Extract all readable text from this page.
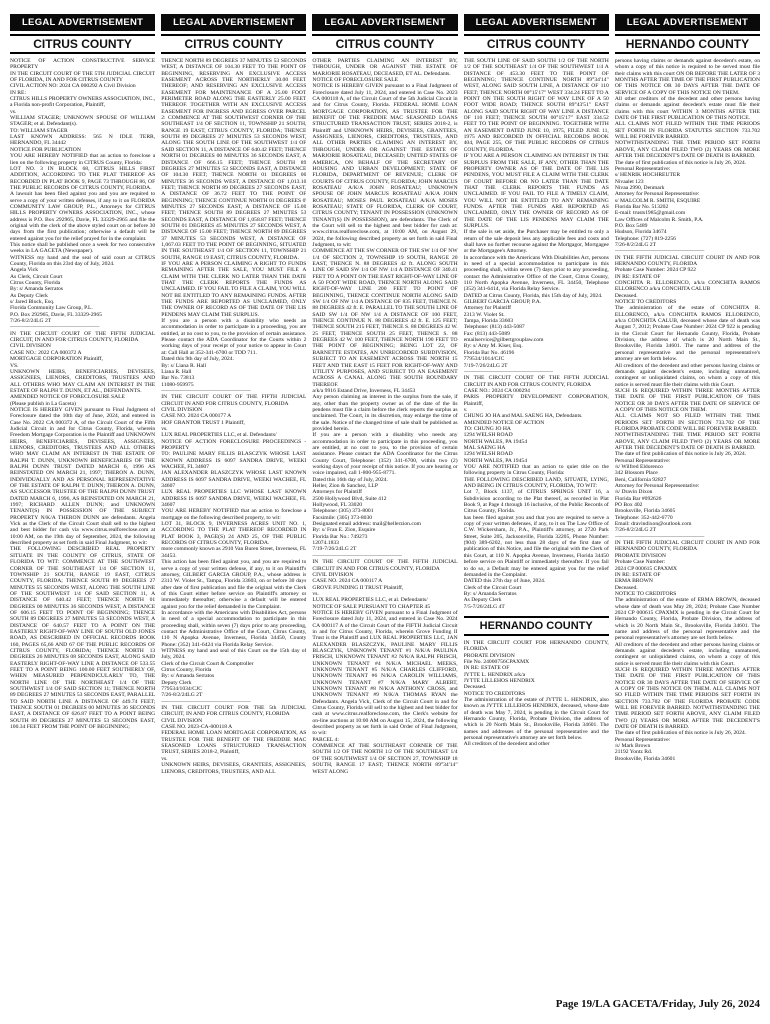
LEGAL ADVERTISEMENT
CITRUS COUNTY
NOTICE OF ACTION CONSTRUCTIVE SERVICE PROPERTY
IN THE CIRCUIT COURT OF THE 5TH JUDICIAL CIRCUIT OF FLORIDA, IN AND FOR CITRUS COUNTY
CIVIL ACTION NO: 2024 CA 000292 A Civil Division
IN RE:
CITRUS HILLS PROPERTY OWNERS ASSOCIATION, INC., a Florida non-profit Corporation, Plaintiff,
vs.
WILLIAM STAGER; UNKNOWN SPOUSE OF WILLIAM STAGER; et al. Defendant(s).
TO: WILLIAM STAGER
LAST KNOWN ADDRESS: 565 N IDLE TERR, HERNANDO, FL 34442
NOTICE FOR PUBLICATION
YOU ARE HEREBY NOTIFIED that an action to foreclose a lien on the following property in CITRUS County, Florida:
LOT NO. 3 IN BLOCK 68, CITRUS HILLS FIRST ADDITION, ACCORDING TO THE PLAT THEREOF AS RECORDED IN PLAT BOOK 9, PAGE 73 THROUGH 86, OF THE PUBLIC RECORDS OF CITRUS COUNTY, FLORIDA.
A lawsuit has been filed against you and you are required to serve a copy of your written defenses, if any to it on FLORIDA COMMUNITY LAW GROUP, P.L., Attorneys for CITRUS HILLS PROPERTY OWNERS ASSOCIATION, INC., whose address is P.O. Box 292965, Davie, FL 33329-2965 and file the original with the clerk of the above styled court on or before 30 days from the first publication; otherwise a default will be entered against you for the relief prayed for in the complaint.
This notice shall be published once a week for two consecutive weeks in LA GACETA (Newspaper).
WITNESS my hand and the seal of said court at CITRUS County, Florida on this 23rd day of July, 2024.
Angela Vick
As Clerk, Circuit Court
Citrus County, Florida
By: s/ Amanda Serratos
As Deputy Clerk
s/ Jared Block, Esq.
Florida Community Law Group, P.L.
P.O. Box 292965, Davie, FL 33329-2965
7/26-8/2/24LG 2T
————————————————
IN THE CIRCUIT COURT OF THE FIFTH JUDICIAL CIRCUIT, IN AND FOR CITRUS COUNTY, FLORIDA
CIVIL DIVISION
CASE NO.: 2022 CA 000372 A
MORTGAGE CORPORATION Plaintiff,
VS.
UNKNOWN HEIRS, BENEFICIARIES, DEVISEES, ASSIGNEES, LIENORS, CREDITORS, TRUSTEES AND ALL OTHERS WHO MAY CLAIM AN INTEREST IN THE ESTATE OF RALPH T. DUNN, ET AL., DEFENDANTS.
AMENDED NOTICE OF FORECLOSURE SALE
(Please publish in La Gaceta)
NOTICE IS HEREBY GIVEN pursuant to Final Judgment of Foreclosure dated the 10th day of June, 2024, and entered in Case No. 2022 CA 000372 A, of the Circuit Court of the Fifth Judicial Circuit in and for Citrus County, Florida, wherein Freedom Mortgage Corporation is the Plaintiff and UNKNOWN HEIRS, BENEFICIARIES, DEVISEES, ASSIGNEES, LIENORS, CREDITORS, TRUSTEES AND ALL OTHERS WHO MAY CLAIM AN INTEREST IN THE ESTATE OF RALPH T. DUNN, UNKNOWN BENEFICIARIES OF THE RALPH DUNN TRUST DATED MARCH 6, 1996 AS REINSTATED ON MARCH 21, 1997; THERON A. DUNN, INDIVIDUALLY AND AS PERSONAL REPRESENTATIVE OF THE ESTATE OF RALPH T. DUNN; THERON A. DUNN, AS SUCCESSOR TRUSTEE OF THE RALPH DUNN TRUST DATED MARCH 6, 1996, AS REINSTATED ON MARCH 21, 1997; RICHARD ALLEN DUNN; and UNKNOWN TENANT(S) IN POSSESSION OF THE SUBJECT PROPERTY N/K/A THERON DUNN are defendants. Angela Vick as the Clerk of the Circuit Court shall sell to the highest and best bidder for cash via www.citrus.realforeclose.com at 10:00 AM, on the 19th day of September, 2024, the following described property as set forth in said Final Judgment, to wit:
THE FOLLOWING DESCRIBED REAL PROPERTY SITUATE IN THE COUNTY OF CITRUS, STATE OF FLORIDA TO WIT: COMMENCE AT THE SOUTHWEST CORNER OF THE SOUTHEAST 1/4 OF SECTION 11, TOWNSHIP 21 SOUTH, RANGE 19 EAST, CITRUS COUNTY, FLORIDA; THENCE SOUTH 89 DEGREES 27 MINUTES 55 SECONDS WEST, ALONG THE SOUTH LINE OF THE SOUTHWEST 1/4 OF SAID SECTION 11, A DISTANCE OF 640.42 FEET; THENCE NORTH 01 DEGREES 00 MINUTES 36 SECONDS WEST, A DISTANCE OF 606.15 FEET TO POINT OF BEGINNING; THENCE SOUTH 89 DEGREES 27 MINUTES 53 SECONDS WEST, A DISTANCE OF 640.57 FEET TO A POINT ON THE EASTERLY RIGHT-OF-WAY LINE OF SOUTH OLD JONES ROAD, AS DESCRIBED IN OFFICIAL RECORDS BOOK 160, PAGES 65,66 AND 67 OF THE PUBLIC RECORDS OF CITRUS COUNTY, FLORIDA; THENCE NORTH 13 DEGREES 26 MINUTES 08 SECONDS EAST, ALONG SAID EASTERLY RIGHT-OF-WAY LINE A DISTANCE OF 533.55 FEET TO A POINT BEING 100.00 FEET SOUTHERLY OF, WHEN MEASURED PERPENDICULARLY TO, THE NORTH LINE OF THE NORTHEAST 1/4 OF THE SOUTHWEST 1/4 OF SAID SECTION 11; THENCE NORTH 89 DEGREES 27 MINUTES 53 SECONDS EAST, PARALLEL TO SAID NORTH LINE A DISTANCE OF 449.74 FEET; THENCE SOUTH 01 DEGREES 00 MINUTES 36 SECONDS EAST, A DISTANCE OF 626.87 FEET TO A POINT BEING SOUTH 89 DEGREES 27 MINUTES 53 SECONDS EAST, 100.34 FEET FROM THE POINT OF BEGINNING;
LEGAL ADVERTISEMENT
CITRUS COUNTY
THENCE NORTH 89 DEGREES 37 MINUTES 53 SECONDS WEST, A DISTANCE OF 104.30 FEET TO THE POINT OF BEGINNING, RESERVING AN EXCLUSIVE ACCESS EASEMENT ACROSS THE NORTHERLY 30.00 FEET THEREOF; AND RESERVING AN EXCLUSIVE ACCESS EASEMENT FOR MAINTENANCE OF A 25.00 FOOT PERIMETER ROAD ALONG THE EASTERLY 25.00 FEET THEREOF. TOGETHER WITH AN EXCLUSIVE ACCESS EASEMENT FOR INGRESS AND EGRESS OVER PARCEL 2: COMMENCE AT THE SOUTHWEST CORNER OF THE SOUTHEAST 1/4 OF SECTION 11, TOWNSHIP 21 SOUTH, RANGE 19 EAST, CITRUS COUNTY, FLORIDA; THENCE SOUTH 89 DEGREES 27 MINUTES 53 SECONDS WEST, ALONG THE SOUTH LINE OF THE SOUTHWEST 1/4 OF SAID SECTION 11, A DISTANCE OF 640.42 FEET; THENCE NORTH 01 DEGREES 00 MINUTES 36 SECONDS EAST, A DISTANCE OF 666.15 FEET; THENCE SOUTH 89 DEGREES 27 MINUTES 53 SECONDS EAST, A DISTANCE OF 104.30 FEET; THENCE NORTH 01 DEGREES 00 MINUTES 36 SECONDS WEST, A DISTANCE OF 1,013.10 FEET; THENCE NORTH 89 DEGREES 27 SECONDS EAST, A DISTANCE OF 36.72 FEET TO THE POINT OF BEGINNING; THENCE CONTINUE NORTH 01 DEGREES 0' MINUTES 27 SECONDS EAST, A DISTANCE OF 15.00 FEET; THENCE SOUTH 89 DEGREES 27 MINUTES 53 SECONDS EAST, A DISTANCE OF 1,058.87 FEET; THENCE SOUTH 01 DEGREES 45 MINUTES 27 SECONDS WEST, A DISTANCE OF 15.00 FEET; THENCE NORTH 89 DEGREES 37 MINUTES 53 SECONDS WEST, A DISTANCE OF 1,067.03 FEET TO THE POINT OF BEGINNING, SITUATED IN THE SOUTHEAST 1/4 OF SECTION 11, TOWNSHIP 21 SOUTH, RANGE 19 EAST, CITRUS COUNTY, FLORIDA.
IF YOU ARE A PERSON CLAIMING A RIGHT TO FUNDS REMAINING AFTER THE SALE, YOU MUST FILE A CLAIM WITH THE CLERK NO LATER THAN THE DATE THAT THE CLERK REPORTS THE FUNDS AS UNCLAIMED. IF YOU FAIL TO FILE A CLAIM, YOU WILL NOT BE ENTITLED TO ANY REMAINING FUNDS. AFTER THE FUNDS ARE REPORTED AS UNCLAIMED, ONLY THE OWNER OF RECORD AS OF THE DATE OF THE LIS PENDENS MAY CLAIM THE SURPLUS.
If you are a person with a disability who needs an accommodation in order to participate in a proceeding, you are entitled, at no cost to you, to the provision of certain assistance. Please contact the ADA Coordinator for the Courts within 2 working days of your receipt of your notice to appear in Court at: Call Hall at 352-341-6700 or TDD 711.
Dated this 9th day of July, 2024.
By: s/ Liana R. Hall
Liana R. Hall
Bar No. 73813
11080-959975
————————————————
IN THE CIRCUIT COURT OF THE FIFTH JUDICIAL CIRCUIT IN AND FOR CITRUS COUNTY, FLORIDA
CIVIL DIVISION
CASE NO. 2024 CA 000177 A
HOF GRANTOR TRUST 1 Plaintiff,
vs.
LUX REAL PROPERTIES LLC, et al. Defendants/
NOTICE OF ACTION FORECLOSURE PROCEEDINGS - PROPERTY
TO: PAULINE MARY FILLIS BLASCZYK WHOSE LAST KNOWN ADDRESS IS 6097 SANDRA DRIVE, WEEKI WACHEE, FL 34607
JAN ALEXANDER BLASZCZYK WHOSE LAST KNOWN ADDRESS IS 6097 SANDRA DRIVE, WEEKI WACHEE, FL 34607
LUX REAL PROPERTIES LLC WHOSE LAST KNOWN ADDRESS IS 6097 SANDRA DRIVE, WEEKI WACHEE, FL 34607
YOU ARE HEREBY NOTIFIED that an action to foreclose a mortgage on the following described property, to wit:
LOT 31, BLOCK 9, INVERNESS ACRES UNIT NO. 1, ACCORDING TO THE PLAT THEREOF RECORDED IN PLAT BOOK 3, PAGE(S) 24 AND 25, OF THE PUBLIC RECORDS OF CITRUS COUNTY, FLORIDA.
more commonly known as 2910 Van Buren Street, Inverness, FL 34453.
This action has been filed against you, and you are required to serve a copy of your written defense, if any, to it on Plaintiff's attorney, GILBERT GARCIA GROUP, P.A., whose address is 2313 W. Violet St., Tampa, Florida 33603, on or before 30 days after date of first publication and file the original with the Clerk of this Court either before service on Plaintiff's attorney or immediately thereafter; otherwise a default will be entered against you for the relief demanded in the Complaint.
In accordance with the Americans with Disabilities Act, persons in need of a special accommodation to participate in this proceeding shall, within seven (7) days prior to any proceeding, contact the Administrative Office of the Court, Citrus County, 110 N Apopka Avenue, Inverness, Florida 34450, County Phone: (352) 341-6424 via Florida Relay Service.
WITNESS my hand and seal of this Court on the 15th day of July, 2024.
Clerk of the Circuit Court & Comptroller
Citrus County, Florida
By: s/ Amanda Serratos
Deputy Clerk
779534/1034/CJC
7/26-8/2/24LG 2T
————————————————
IN THE CIRCUIT COURT FOR THE 5th JUDICIAL CIRCUIT, IN AND FOR CITRUS COUNTY, FLORIDA
CIVIL DIVISION
CASE NO. 2023-CA-000118 A
FEDERAL HOME LOAN MORTGAGE CORPORATION, AS TRUSTEE FOR THE BENEFIT OF THE FREDDIE MAC SEASONED LOANS STRUCTURED TRANSACTION TRUST, SERIES 2018-2, Plaintiff,
vs.
UNKNOWN HEIRS, DEVISEES, GRANTEES, ASSIGNEES, LIENORS, CREDITORS, TRUSTEES, AND ALL
LEGAL ADVERTISEMENT
CITRUS COUNTY
OTHER PARTIES CLAIMING AN INTEREST BY, THROUGH, UNDER OR AGAINST THE ESTATE OF MARJORIE ROSATEAU, DECEASED, ET AL. Defendants.
NOTICE OF FORECLOSURE SALE
NOTICE IS HEREBY GIVEN pursuant to a Final Judgment of Foreclosure dated July 11, 2024, and entered in Case No. 2023 CA 000118 A, of the Circuit Court of the 5th Judicial Circuit in and for Citrus County, Florida. FEDERAL HOME LOAN MORTGAGE CORPORATION, AS TRUSTEE FOR THE BENEFIT OF THE FREDDIE MAC SEASONED LOANS STRUCTURED TRANSACTION TRUST, SERIES 2018-2, is Plaintiff and UNKNOWN HEIRS, DEVISEES, GRANTEES, ASSIGNEES, LIENORS, CREDITORS, TRUSTEES, AND ALL OTHER PARTIES CLAIMING AN INTEREST BY, THROUGH, UNDER OR AGAINST THE ESTATE OF MARJORIE ROSATEAU, DECEASED; UNITED STATES OF AMERICA, ON BEHALF OF THE SECRETARY OF HOUSING AND URBAN DEVELOPMENT; STATE OF FLORIDA, DEPARTMENT OF REVENUE; CLERK OF COURTS OF CITRUS COUNTY, FLORIDA; JOHN MARCUS ROSATEAU A/K/A JOHN ROSATEAU; UNKNOWN SPOUSE OF JOHN MARCUS ROSATEAU A/K/A JOHN ROSATEAU; MOSES PAUL ROSATEAU A/K/A MOSES ROSATEAU; STATE OF FLORIDA, CLERK OF COURT, CITRUS COUNTY; TENANT IN POSSESSION (UNKNOWN TENANT(S) IN POSSESSION), are defendants. The Clerk of the Court will sell to the highest and best bidder for cash at: www.citrus.realforeclose.com, at 10:00 AM, on August 29, 2024, the following described property as set forth in said Final Judgment, to wit:
COMMENCE AT THE SW CORNER OF THE SW 1/4 OF NW 1/4 OF SECTION 2, TOWNSHIP 19 SOUTH, RANGE 20 EAST, THENCE N. 88 DEGREES 42 ft. ALONG SOUTH LINE OF SAID SW 1/4 OF NW 1/4 A DISTANCE OF 340.41 FEET TO A POINT ON THE EAST RIGHT-OF-WAY LINE OF A 50 FOOT WIDE ROAD, THENCE NORTH ALONG SAID RIGHT-OF-WAY LINE 200 FEET TO POINT OF BEGINNING, THENCE CONTINUE NORTH ALONG SAID SW 1/4 OF NW 1/4 A DISTANCE OF 835 FEET, THENCE N. 88 DEGREES 42 ft. E. PARALLEL TO THE SOUTH LINE OF SAID SW 1/4 OF NW 1/4 A DISTANCE OF 100 FEET, THENCE CONTINUE N. 88 DEGREES 42 ft. E. 125 FEET; THENCE SOUTH 215 FEET, THENCE S. 88 DEGREES 42 W. 25 FEET, THENCE SOUTH 25 FEET, THENCE S. 88 DEGREES 42 W. 100 FEET, THENCE NORTH 190 FEET TO THE POINT OF BEGINNING; BEING LOT 22, OF BARNETTE ESTATES, AN UNRECORDED SUBDIVISION, SUBJECT TO AN EASEMENT ACROSS THE NORTH 15 FEET AND THE EAST 15 FEET FOR RIGHT-OF-WAY AND UTILITY PURPOSES, AND SUBJECT TO AN EASEMENT ACROSS A CANAL ALONG THE SOUTH BOUNDARY THEREOF.
a/k/a 9916 Estand Drive, Inverness, FL 34453
Any person claiming an interest in the surplus from the sale, if any, other than the property owner as of the date of the lis pendens must file a claim before the clerk reports the surplus as unclaimed. The Court, in its discretion, may enlarge the time of the sale. Notice of the changed time of sale shall be published as provided herein.
If you are a person with a disability who needs any accommodation in order to participate in this proceeding, you are entitled, at no cost to you, to the provision of certain assistance. Please contact the ADA Coordinator for the Citrus County Court, Telephone: (352) 341-6700, within two (2) working days of your receipt of this notice. If you are hearing or voice impaired, call 1-800-955-8771.
Dated this 16th day of July, 2024.
Heller, Zion & Sanchez, LLP
Attorneys for Plaintiff
2500 Hollywood Blvd, Suite 412
Hollywood, FL 33020
Telephone: (305) 373-8001
Facsimile: (305) 373-8030
Designated email address: mail@hellerzion.com
By: s/ Fran E. Zion, Esquire
Florida Bar No.: 749273
12074.1833
7/19-7/26/24LG 2T
————————————————
IN THE CIRCUIT COURT OF THE FIFTH JUDICIAL CIRCUIT IN AND FOR CITRUS COUNTY, FLORIDA
CIVIL DIVISION
CASE NO. 2024 CA 000117 A
GROVE FUNDING II TRUST Plaintiff,
vs.
LUX REAL PROPERTIES LLC, et al. Defendants/
NOTICE OF SALE PURSUANT TO CHAPTER 45
NOTICE IS HEREBY GIVEN pursuant to a Final Judgment of Foreclosure dated July 11, 2024, and entered in Case No. 2024 CA 000117 A of the Circuit Court of the FIFTH Judicial Circuit in and for Citrus County, Florida, wherein Grove Funding II Trust is the Plaintiff and LUX REAL PROPERTIES LLC, JAN ALEXANDER BLASZCZYK, PAULINE MARY FILLIS BLASCZYK, UNKNOWN TENANT #1 N/K/A PAULINA FRISCH, UNKNOWN TENANT #2 N/K/A RALPH FRISCH, UNKNOWN TENANT #4 N/K/A MICHAEL MEEKS, UNKNOWN TENANT #5 N/K/A CHARLES CLIFFORD, UNKNOWN TENANT #6 N/K/A CAROLIN WILLIAMS, UNKNOWN TENANT #7 N/K/A MARY ALBERT, UNKNOWN TENANT #8 N/K/A ANTHONY CROSS, and UNKNOWN TENANT #9 N/K/A THOMAS RYAN the Defendants. Angela Vick, Clerk of the Circuit Court in and for Citrus County, Florida will sell to the highest and best bidder for cash at www.citrus.realforeclose.com, the Clerk's website for on-line auctions at 10:00 AM on August 15, 2024, the following described property as set forth in said Order of Final Judgment, to wit:
PARCEL 4:
COMMENCE AT THE SOUTHEAST CORNER OF THE SOUTH 1/2 OF THE NORTH 1/2 OF THE SOUTHEAST 1/4 OF THE SOUTHWEST 1/4 OF SECTION 27, TOWNSHIP 18 SOUTH, RANGE 17 EAST; THENCE NORTH 89°34'14" WEST ALONG
LEGAL ADVERTISEMENT
CITRUS COUNTY
THE SOUTH LINE OF SAID SOUTH 1/2 OF THE NORTH 1/2 OF THE SOUTHEAST 1/4 OF THE SOUTHWEST 1/4 A DISTANCE OF 453.30 FEET TO THE POINT OF BEGINNING; THENCE CONTINUE NORTH 89°34'14" WEST, ALONG SAID SOUTH LINE, A DISTANCE OF 110 FEET; THENCE NORTH 00°15'17" WEST 334.24 FEET TO A POINT ON THE SOUTH RIGHT OF WAY LINE OF A 50 FOOT WIDE ROAD; THENCE SOUTH 89°43'51" EAST ALONG SAID SOUTH RIGHT OF WAY LINE A DISTANCE OF 110 FEET; THENCE SOUTH 00°15'17" EAST 334.52 FEET TO THE POINT OF BEGINNING. TOGETHER WITH AN EASEMENT DATED JUNE 10, 1975, FILED JUNE 11, 1975 AND RECORDED IN OFFICIAL RECORDS BOOK 404, PAGE 255, OF THE PUBLIC RECORDS OF CITRUS COUNTY, FLORIDA.
IF YOU ARE A PERSON CLAIMING AN INTEREST IN THE SURPLUS FROM THE SALE, IF ANY, OTHER THAN THE PROPERTY OWNER AS OF THE DATE OF THE LIS PENDENS, YOU MUST FILE A CLAIM WITH THE CLERK OF COURT BEFORE OR NO LATER THAN THE DATE THAT THE CLERK REPORTS THE FUNDS AS UNCLAIMED. IF YOU FAIL TO FILE A TIMELY CLAIM, YOU WILL NOT BE ENTITLED TO ANY REMAINING FUNDS. AFTER THE FUNDS ARE REPORTED AS UNCLAIMED, ONLY THE OWNER OF RECORD AS OF THE DATE OF THE LIS PENDENS MAY CLAIM THE SURPLUS.
If the sale is set aside, the Purchaser may be entitled to only a return of the sale deposit less any applicable fees and costs and shall have no further recourse against the Mortgagor, Mortgagee or the Mortgagee's Attorney.
In accordance with the Americans With Disabilities Act, persons in need of a special accommodation to participate in this proceeding shall, within seven (7) days prior to any proceeding, contact the Administrative Office of the Court, Citrus County, 110 North Apopka Avenue, Inverness, FL 34450, Telephone (352) 341-6414, via Florida Relay Service.
DATED at Citrus County, Florida, this 15th day of July, 2024.
GILBERT GARCIA GROUP, P.A.
Attorney for Plaintiff
2313 W. Violet St.
Tampa, Florida 33603
Telephone: (813) 443-5087
Fax: (813) 443-5089
emailservice@gilbertgrouplaw.com
By: s/ Amy M. Kiser, Esq.
Florida Bar No. 46196
779534/1014/CJC
7/19-7/26/24LG 2T
————————————————
IN THE CIRCUIT COURT OF THE FIFTH JUDICIAL CIRCUIT IN AND FOR CITRUS COUNTY, FLORIDA
CASE NO.: 2024 CA 000294
PARIS PROPERTY DEVELOPMENT CORPORATION, Plaintiff,
v.
CHUNG JO HA and MAL SAENG HA, Defendants.
AMENDED NOTICE OF ACTION
TO: CHUNG JO HA
1294 WELSH ROAD
NORTH WALES, PA 19454
MAL SAENG HA
1294 WELSH ROAD
NORTH WALES, PA 19454
YOU ARE NOTIFIED that an action to quiet title on the following property in Citrus County, Florida:
THE FOLLOWING DESCRIBED LAND, SITUATE, LYING, AND BEING IN CITRUS COUNTY, FLORIDA, TO WIT:
Lot 7, Block 1137, of CITRUS SPRINGS UNIT 16, a Subdivision according to the Plat thereof, as recorded in Plat Book 9, at Page 4 through 16 inclusive, of the Public Records of Citrus County, Florida.
has been filed against you and that you are required to serve a copy of your written defenses, if any, to it on The Law Office of C.W. Wickersham, Jr., P.A., Plaintiff's attorney, at 2720 Park Street, Suite 205, Jacksonville, Florida 32205, Phone Number: (904) 389-6202, not less than 28 days of the first date of publication of this Notice, and file the original with the Clerk of this Court, at 110 N. Apopka Avenue, Inverness, Florida 34450 before service on Plaintiff or immediately thereafter. If you fail to do so, a Default may be entered against you for the relief demanded in the Complaint.
DATED this 27th day of June, 2024.
Clerk of the Circuit Court
By: s/ Amanda Serratos
As Deputy Clerk
7/5-7/26/24LG 4T
HERNANDO COUNTY
IN THE CIRCUIT COURT FOR HERNANDO COUNTY, FLORIDA
PROBATE DIVISION
File No. 24000756CPAXMX
IN RE: ESTATE OF
JYTTE L. HENDRIX a/k/a
JYTTE LILLEHOS HENDRIX
Deceased.
NOTICE TO CREDITORS
The administration of the estate of JYTTE L. HENDRIX, also known as JYTTE LILLEHOS HENDRIX, deceased, whose date of death was May 7, 2024, is pending in the Circuit Court for Hernando County, Florida, Probate Division, the address of which is 20 North Main St., Brooksville, Florida 34601. The names and addresses of the personal representative and the personal representative's attorney are set forth below.
All creditors of the decedent and other
LEGAL ADVERTISEMENT
HERNANDO COUNTY
persons having claims or demands against decedent's estate, on whom a copy of this notice is required to be served must file their claims with this court ON OR BEFORE THE LATER OF 3 MONTHS AFTER THE TIME OF THE FIRST PUBLICATION OF THIS NOTICE OR 30 DAYS AFTER THE DATE OF SERVICE OF A COPY OF THIS NOTICE ON THEM.
All other creditors of the decedent and other persons having claims or demands against decedent's estate must file their claims with this court WITHIN 3 MONTHS AFTER THE DATE OF THE FIRST PUBLICATION OF THIS NOTICE.
ALL CLAIMS NOT FILED WITHIN THE TIME PERIODS SET FORTH IN FLORIDA STATUTES SECTION 733.702 WILL BE FOREVER BARRED.
NOTWITHSTANDING THE TIME PERIOD SET FORTH ABOVE, ANY CLAIM FILED TWO (2) YEARS OR MORE AFTER THE DECEDENT'S DATE OF DEATH IS BARRED.
The date of first publication of this notice is July 26, 2024.
Personal Representative:
s/ HENRIK HOCHREUTER
Nivaalet 123
Nivaa 2990, Denmark
Attorney for Personal Representative:
s/ MALCOLM R. SMITH, ESQUIRE
Florida Bar No. 513202
E-mail: trusts1985@gmail.com
Law Offices of Malcolm R. Smith, P.A.
P.O. Box 5489
Hudson, Florida 34674
Telephone: (727) 819-2256
7/26-8/2/24LG 2T
————————————————
IN THE FIFTH JUDICIAL CIRCUIT COURT IN AND FOR HERNANDO COUNTY, FLORIDA
Probate Case Number: 2024 CP 922
IN RE: ESTATE OF
CONCHITA R. ELLORENCO, a/k/a CONCHITA RAMOS ELLORENCO a/k/a CONCHITA CALUB
Deceased.
NOTICE TO CREDITORS
The administration of the estate of CONCHITA R. ELLORENCO, a/k/a CONCHITA RAMOS ELLORENCO, a/k/a CONCHITA CALUB, deceased whose date of death was August 7, 2012; Probate Case Number: 2024 CP 922 is pending in the Circuit Court for Hernando County, Florida, Probate Division, the address of which is 20 North Main St., Brooksville, Florida 34601. The name and address of the personal representative and the personal representative's attorney are set forth below.
All creditors of the decedent and other persons having claims or demands against decedent's estate, including unmatured, contingent or unliquidated claims, on whom a copy of this notice is served must file their claims with this Court.
SUCH IS REQUIRED WITHIN THREE MONTHS AFTER THE DATE OF THE FIRST PUBLICATION OF THIS NOTICE OR 30 DAYS AFTER THE DATE OF SERVICE OF A COPY OF THIS NOTICE ON THEM.
ALL CLAIMS NOT SO FILED WITHIN THE TIME PERIODS SET FORTH IN SECTION 733.702 OF THE FLORIDA PROBATE CODE WILL BE FOREVER BARRED.
NOTWITHSTANDING THE TIME PERIOD SET FORTH ABOVE, ANY CLAIM FILED TWO (2) YEARS OR MORE AFTER THE DECEDENT'S DATE OF DEATH IS BARRED.
The date of first publication of this notice is July 26, 2024.
Personal Representative:
/s/ Wilfred Eldorenco
342 Blossom Place
Beni, California 92827
Attorney for Personal Representative:
/s/ Dravin Dixon
Florida Bar #092626
PO Box 402
Brooksville, Florida 34605
Telephone: 352-442-6770
Email: dravindixon@outlook.com
7/26-8/2/24LG 2T
————————————————
IN THE FIFTH JUDICIAL CIRCUIT COURT IN AND FOR HERNANDO COUNTY, FLORIDA
PROBATE DIVISION
Probate Case Number:
2024 CP 000615 CPAXMX
IN RE: ESTATE OF
ERMA BROWN
Deceased.
NOTICE TO CREDITORS
The administration of the estate of ERMA BROWN, deceased whose date of death was May 28, 2024; Probate Case Number 2024 CP 000615 CPAXMX is pending in the Circuit Court for Hernando County, Florida, Probate Division, the address of which is 20 North Main St., Brooksville, Florida 34601. The name and address of the personal representative and the personal representative's attorney are set forth below.
All creditors of the decedent and other persons having claims or demands against decedent's estate, including unmatured, contingent or unliquidated claims, on whom a copy of this notice is served must file their claims with this Court.
SUCH IS REQUIRED WITHIN THREE MONTHS AFTER THE DATE OF THE FIRST PUBLICATION OF THIS NOTICE OR 30 DAYS AFTER THE DATE OF SERVICE OF A COPY OF THIS NOTICE ON THEM. ALL CLAIMS NOT SO FILED WITHIN THE TIME PERIODS SET FORTH IN SECTION 733.702 OF THE FLORIDA PROBATE CODE WILL BE FOREVER BARRED. NOTWITHSTANDING THE TIME PERIOD SET FORTH ABOVE, ANY CLAIM FILED TWO (2) YEARS OR MORE AFTER THE DECEDENT'S DATE OF DEATH IS BARRED.
The date of first publication of this notice is July 26, 2024.
Personal Representative:
/s/ Mark Brown
21192 Yontz Rd.
Brooksville, Florida 34601
Page 19/LA GACETA/Friday, July 26, 2024
